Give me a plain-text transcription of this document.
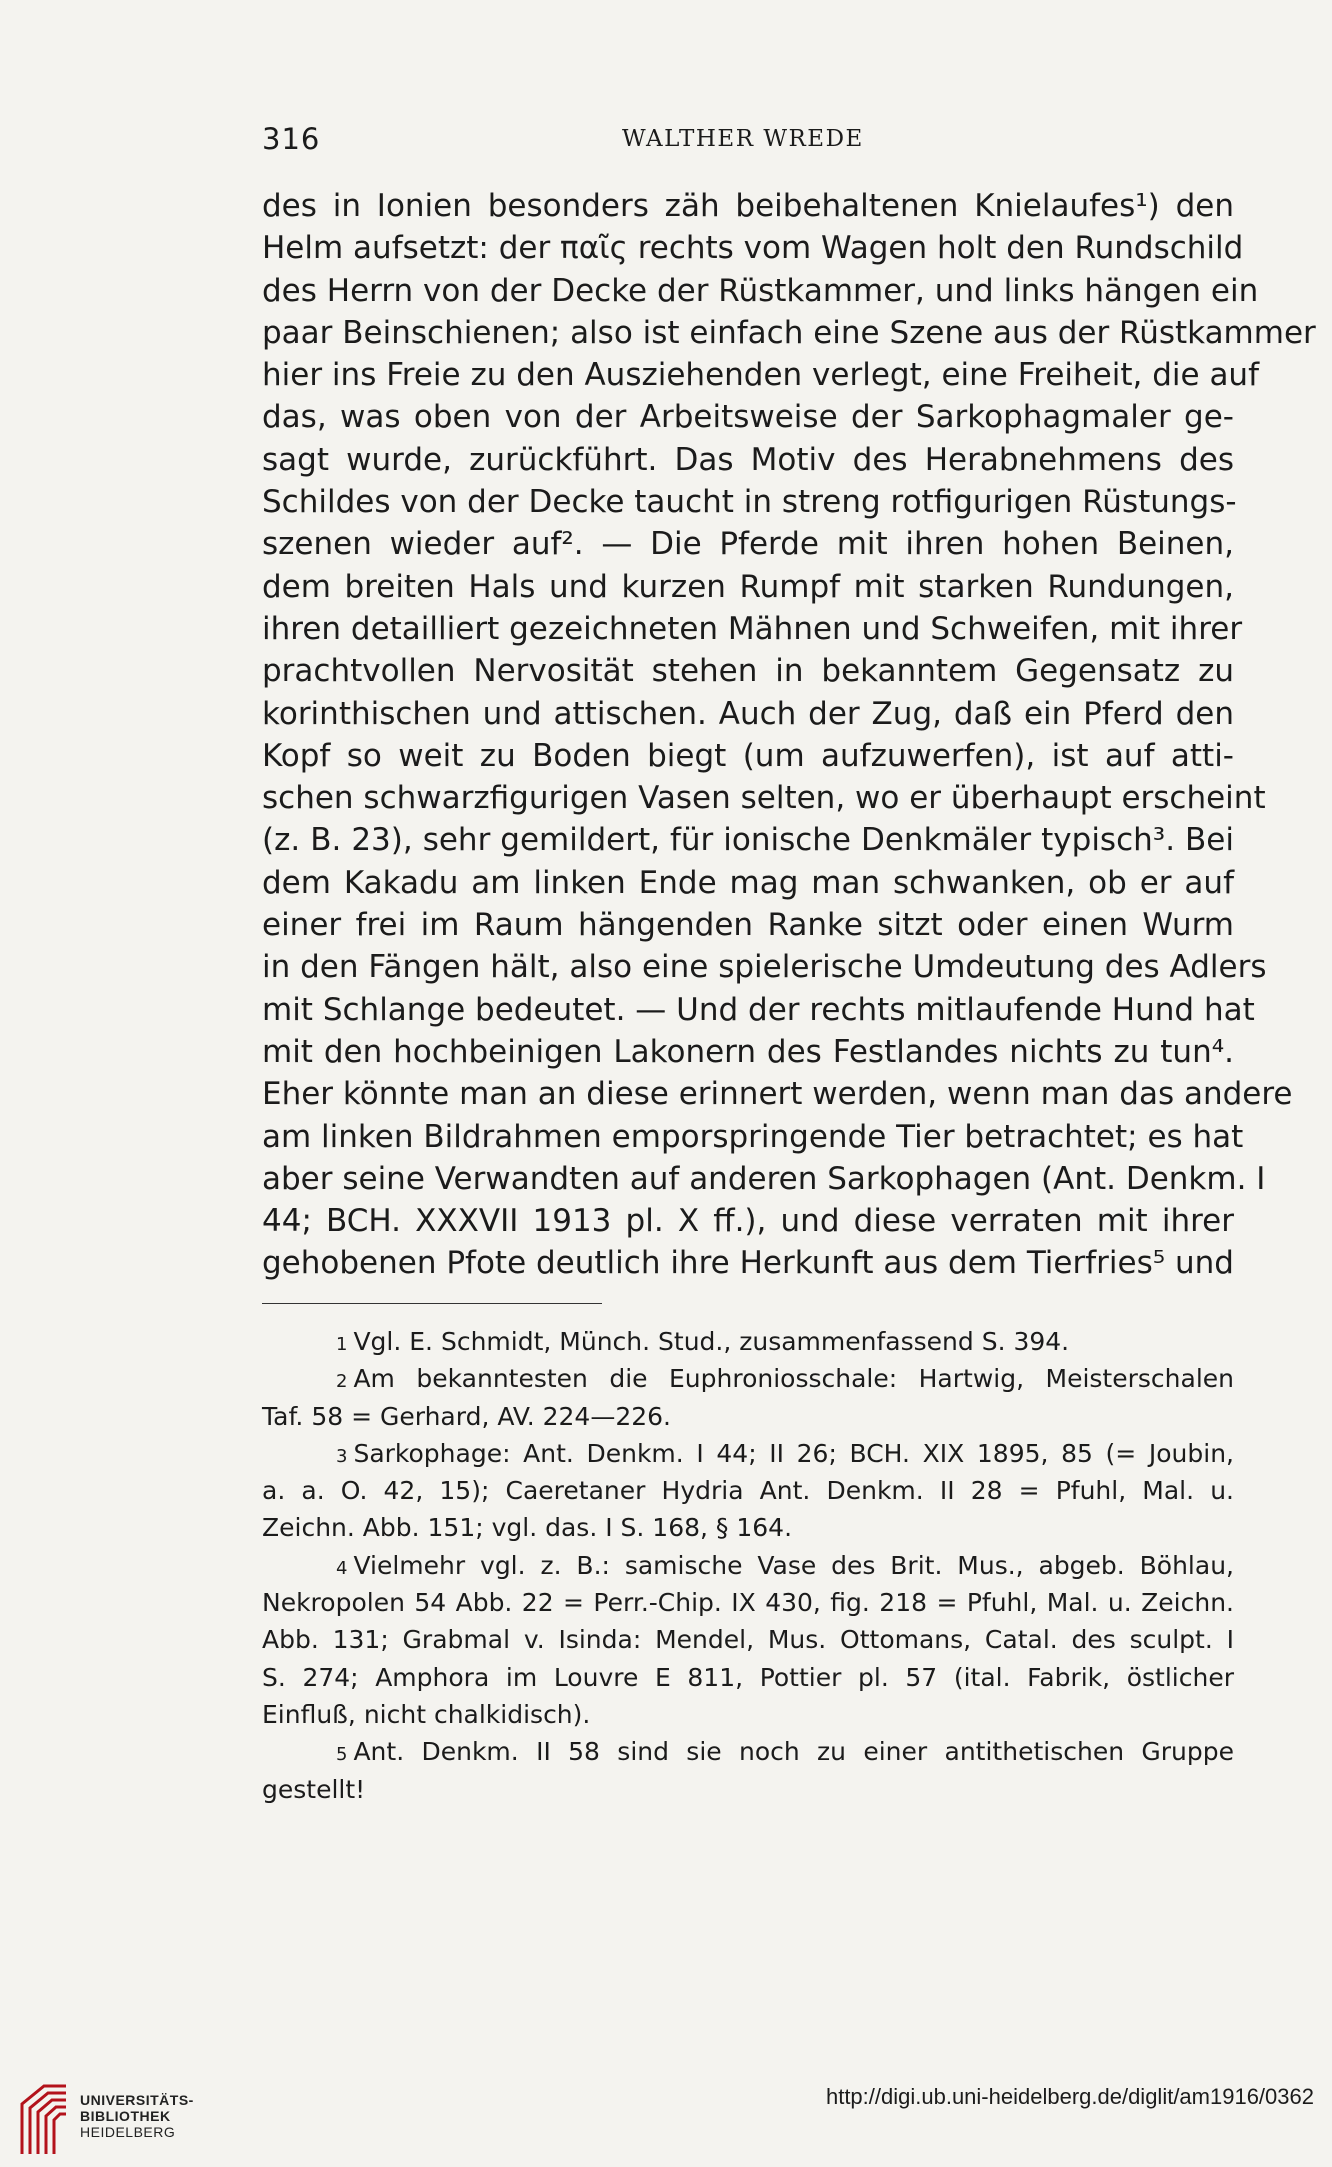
316	WALTHER WREDE
des in Ionien besonders zäh beibehaltenen Knielaufes¹) den
Helm aufsetzt: der παῖς rechts vom Wagen holt den Rundschild
des Herrn von der Decke der Rüstkammer, und links hängen ein
paar Beinschienen; also ist einfach eine Szene aus der Rüstkammer
hier ins Freie zu den Ausziehenden verlegt, eine Freiheit, die auf
das, was oben von der Arbeitsweise der Sarkophagmaler ge-
sagt wurde, zurückführt. Das Motiv des Herabnehmens des
Schildes von der Decke taucht in streng rotfigurigen Rüstungs-
szenen wieder auf². — Die Pferde mit ihren hohen Beinen,
dem breiten Hals und kurzen Rumpf mit starken Rundungen,
ihren detailliert gezeichneten Mähnen und Schweifen, mit ihrer
prachtvollen Nervosität stehen in bekanntem Gegensatz zu
korinthischen und attischen. Auch der Zug, daß ein Pferd den
Kopf so weit zu Boden biegt (um aufzuwerfen), ist auf atti-
schen schwarzfigurigen Vasen selten, wo er überhaupt erscheint
(z. B. 23), sehr gemildert, für ionische Denkmäler typisch³. Bei
dem Kakadu am linken Ende mag man schwanken, ob er auf
einer frei im Raum hängenden Ranke sitzt oder einen Wurm
in den Fängen hält, also eine spielerische Umdeutung des Adlers
mit Schlange bedeutet. — Und der rechts mitlaufende Hund hat
mit den hochbeinigen Lakonern des Festlandes nichts zu tun⁴.
Eher könnte man an diese erinnert werden, wenn man das andere
am linken Bildrahmen emporspringende Tier betrachtet; es hat
aber seine Verwandten auf anderen Sarkophagen (Ant. Denkm. I
44; BCH. XXXVII 1913 pl. X ff.), und diese verraten mit ihrer
gehobenen Pfote deutlich ihre Herkunft aus dem Tierfries⁵ und
1 Vgl. E. Schmidt, Münch. Stud., zusammenfassend S. 394.
2 Am bekanntesten die Euphroniosschale: Hartwig, Meisterschalen
Taf. 58 = Gerhard, AV. 224—226.
3 Sarkophage: Ant. Denkm. I 44; II 26; BCH. XIX 1895, 85 (= Joubin,
a. a. O. 42, 15); Caeretaner Hydria Ant. Denkm. II 28 = Pfuhl, Mal. u.
Zeichn. Abb. 151; vgl. das. I S. 168, § 164.
4 Vielmehr vgl. z. B.: samische Vase des Brit. Mus., abgeb. Böhlau,
Nekropolen 54 Abb. 22 = Perr.-Chip. IX 430, fig. 218 = Pfuhl, Mal. u. Zeichn.
Abb. 131; Grabmal v. Isinda: Mendel, Mus. Ottomans, Catal. des sculpt. I
S. 274; Amphora im Louvre E 811, Pottier pl. 57 (ital. Fabrik, östlicher
Einfluß, nicht chalkidisch).
5 Ant. Denkm. II 58 sind sie noch zu einer antithetischen Gruppe
gestellt!
UNIVERSITÄTS-
BIBLIOTHEK
HEIDELBERG
http://digi.ub.uni-heidelberg.de/diglit/am1916/0362
